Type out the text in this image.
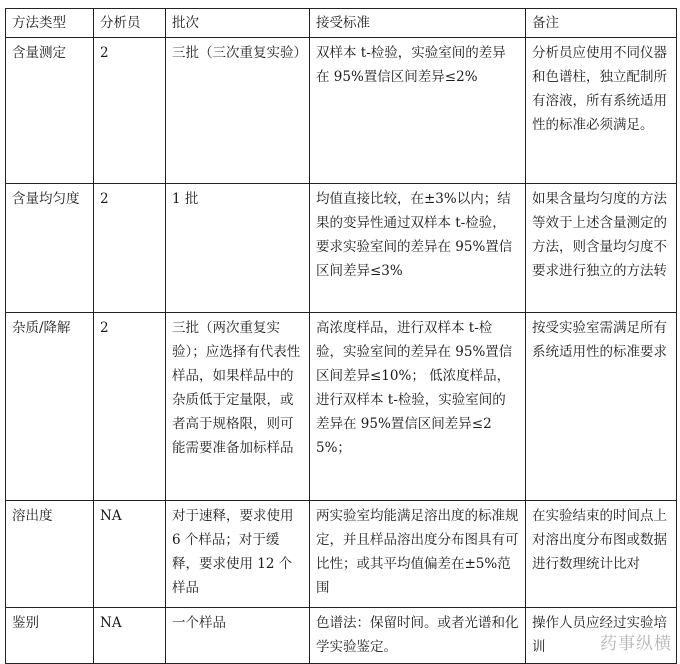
方法类型	分析员	批次	接受标准	备注
含量测定	2	三批（三次重复实验）	双样本 t-检验，实验室间的差异在 95%置信区间差异≤2%	分析员应使用不同仪器和色谱柱，独立配制所有溶液，所有系统适用性的标准必须满足。
含量均匀度	2	1 批	均值直接比较，在±3%以内；结果的变异性通过双样本 t-检验，要求实验室间的差异在 95%置信区间差异≤3%	如果含量均匀度的方法等效于上述含量测定的方法，则含量均匀度不要求进行独立的方法转
杂质/降解	2	三批（两次重复实验）；应选择有代表性样品，如果样品中的杂质低于定量限，或者高于规格限，则可能需要准备加标样品	高浓度样品，进行双样本 t-检验，实验室间的差异在 95%置信区间差异≤10%； 低浓度样品，进行双样本 t-检验，实验室间的差异在 95%置信区间差异≤25%；	按受实验室需满足所有系统适用性的标准要求
溶出度	NA	对于速释，要求使用 6 个样品；对于缓释，要求使用 12 个样品	两实验室均能满足溶出度的标准规定，并且样品溶出度分布图具有可比性；或其平均值偏差在±5%范围	在实验结束的时间点上对溶出度分布图或数据进行数理统计比对
鉴别	NA	一个样品	色谱法：保留时间。或者光谱和化学实验鉴定。	操作人员应经过实验培训	药事纵横
